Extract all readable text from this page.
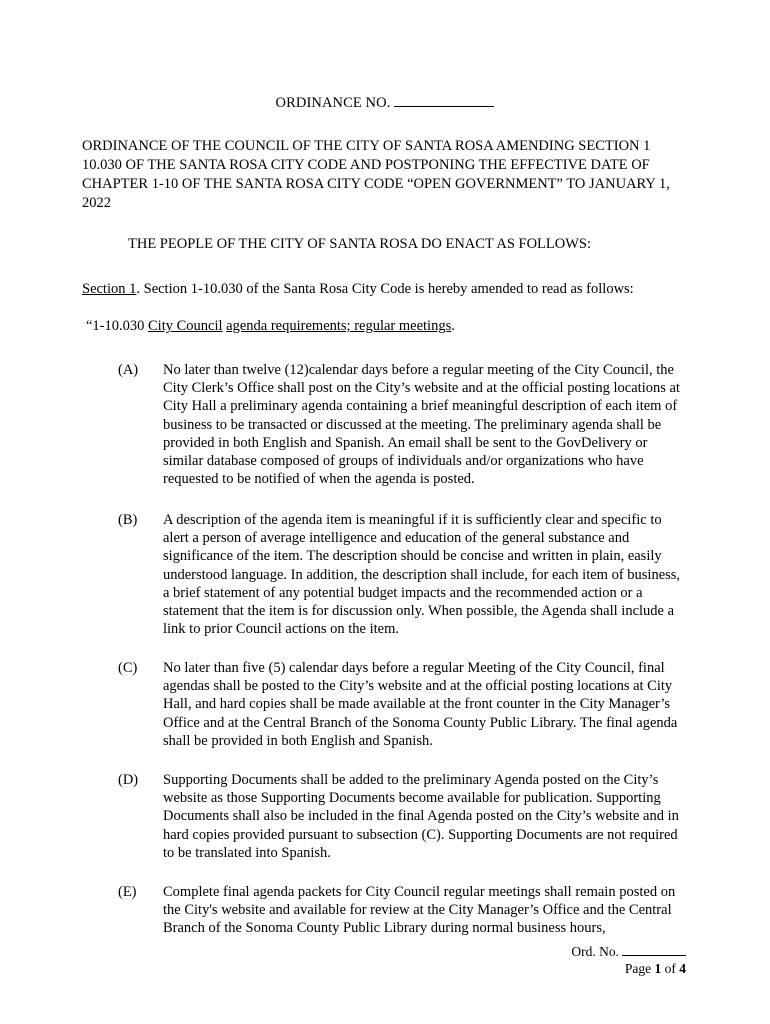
ORDINANCE NO.

ORDINANCE OF THE COUNCIL OF THE CITY OF SANTA ROSA AMENDING SECTION 1 10.030 OF THE SANTA ROSA CITY CODE AND POSTPONING THE EFFECTIVE DATE OF CHAPTER 1-10 OF THE SANTA ROSA CITY CODE “OPEN GOVERNMENT” TO JANUARY 1, 2022

THE PEOPLE OF THE CITY OF SANTA ROSA DO ENACT AS FOLLOWS:

Section 1. Section 1-10.030 of the Santa Rosa City Code is hereby amended to read as follows:

“1-10.030 City Council agenda requirements; regular meetings.

(A) No later than twelve (12)calendar days before a regular meeting of the City Council, the City Clerk’s Office shall post on the City’s website and at the official posting locations at City Hall a preliminary agenda containing a brief meaningful description of each item of business to be transacted or discussed at the meeting. The preliminary agenda shall be provided in both English and Spanish. An email shall be sent to the GovDelivery or similar database composed of groups of individuals and/or organizations who have requested to be notified of when the agenda is posted.
(B) A description of the agenda item is meaningful if it is sufficiently clear and specific to alert a person of average intelligence and education of the general substance and significance of the item. The description should be concise and written in plain, easily understood language. In addition, the description shall include, for each item of business, a brief statement of any potential budget impacts and the recommended action or a statement that the item is for discussion only. When possible, the Agenda shall include a link to prior Council actions on the item.
(C) No later than five (5) calendar days before a regular Meeting of the City Council, final agendas shall be posted to the City’s website and at the official posting locations at City Hall, and hard copies shall be made available at the front counter in the City Manager’s Office and at the Central Branch of the Sonoma County Public Library. The final agenda shall be provided in both English and Spanish.
(D) Supporting Documents shall be added to the preliminary Agenda posted on the City’s website as those Supporting Documents become available for publication. Supporting Documents shall also be included in the final Agenda posted on the City’s website and in hard copies provided pursuant to subsection (C). Supporting Documents are not required to be translated into Spanish.
(E) Complete final agenda packets for City Council regular meetings shall remain posted on the City's website and available for review at the City Manager’s Office and the Central Branch of the Sonoma County Public Library during normal business hours,
Ord. No.
Page 1 of 4
